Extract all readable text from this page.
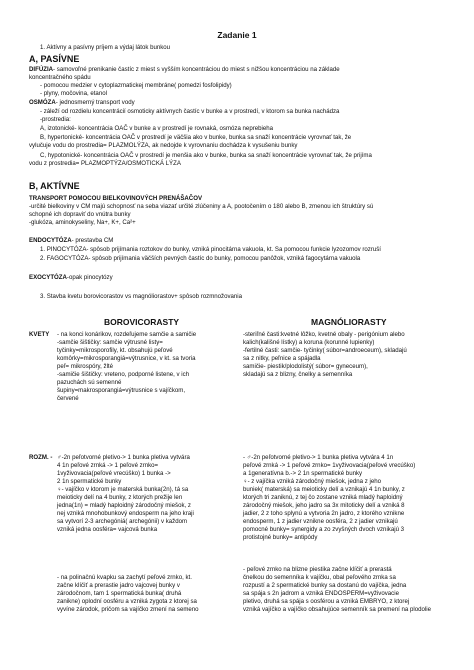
Zadanie 1
1. Aktívny a pasívny príjem a výdaj látok bunkou
A, PASÍVNE
DIFÚZIA- samovoľné prenikanie častíc z miest s vyšším koncentráciou do miest s nižšou koncentráciou na základe
koncentračného spádu
- pomocou medzier v cytoplazmatickej membráne( pomedzi fosfolipidy)
- plyny, močovina, etanol
OSMÓZA- jednosmerný transport vody
- záleží od rozdielu koncentrácií osmoticky aktívnych častíc v bunke a v prostredí, v ktorom sa bunka nachádza
-prostredia:
A, izotonické- koncentrácia OAČ v bunke a v prostredí je rovnaká, osmóza neprebieha
B, hypertonické- koncentrácia OAČ v prostredí je väčšia ako v bunke, bunka sa snaží koncentrácie vyrovnať tak, že
vylučuje vodu do prostredia= PLAZMOLÝZA, ak nedojde k vyrovnaniu dochádza k vysušeniu bunky
C, hypotonické- koncentrácia OAČ v prostredí je menšia ako v bunke, bunka sa snaží koncentrácie vyrovnať tak, že prijíma
vodu z prostredia= PLAZMOPTÝZA/OSMOTICKÁ LÝZA
B, AKTÍVNE
TRANSPORT POMOCOU BIELKOVINOVÝCH PRENÁŠAČOV
-určité bielkoviny v CM majú schopnosť na seba viazať určité zlúčeniny a A, pootočením o 180 alebo B, zmenou ich štruktúry sú
schopné ich dopraviť do vnútra bunky
-glukóza, aminokyseliny, Na+, K+, Ca²+
ENDOCYTÓZA- prestavba CM
1. PINOCYTÓZA- spôsob prijímania roztokov do bunky, vzniká pinocitárna vakuola, kt. Sa pomocou funkcie lyzozomov rozruší
2. FAGOCYTÓZA- spôsob prijímania väčších pevných častíc do bunky, pomocou panôžok, vzniká fagocytárna vakuola
EXOCYTÓZA-opak pinocytózy
3. Stavba kvetu borovicorastov vs magnóliorastov+ spôsob rozmnožovania
BOROVICORASTY	MAGNÓLIORASTY
KVETY - na konci konárikov, rozdeľujeme samčie a samičie
-samčie šištičky: samčie výtrusné listy=
tyčinky=mikrosporofily, kt. obsahujú peľové
komôrky=mikrosporangiá=výtrusnice, v kt. sa tvoria
peľ= mikrospóry, žlté
-samičie šištičky: vreteno, podporné listene, v ich
pazuchách sú semenné
šupiny=makrosporangiá=výtrusnice s vajíčkom,
červené
-steriľné časti:kvetné lôžko, kvetné obaly - perigónium alebo
kalich(kališné lístky) a koruna (korunné lupienky)
-fertilné časti: samčie- tyčinky( súbor=androeceum), skladajú
sa z nitky, peľnice a spájadla
samičie- piestik/plodolistý( súbor= gyneceum),
skladajú sa z blizny, čnelky a semenníka
ROZM. - ♂-2n peľotvorné pletivo-> 1 bunka pletiva vytvára
4 1n peľové zrnká -> 1 peľové zrnko=
1vyživovacia(peľové vrecúško) 1 bunka ->
2 1n spermatické bunky
♀- vajíčko v ktorom je materská bunka(2n), tá sa
meioticky delí na 4 bunky, z ktorých prežije len
jedna(1n) = mladý haploidný zárodočný miešok, z
nej vzniká mnohobunkový endosperm na jeho kraji
sa vytvorí 2-3 archegóniá( archegónii) v každom
vzniká jedna oosféra= vajcová bunka
- ♂-2n peľotvorné pletivo-> 1 bunka pletiva vytvára 4 1n
peľové zrnká -> 1 peľové zrnko= 1vyživovacia(peľové vrecúško)
a 1generatívna b.-> 2 1n spermatické bunky
♀- z vajíčka vzniká zárodočný miešok, jedna z jeho
buniek( materská) sa meioticky delí a vznikajú 4 1n bunky, z
ktorých tri zaniknú, z tej čo zostane vzniká mladý haploidný
zárodočný miešok, jeho jadro sa 3x mitoticky delí a vzniká 8
jadier, 2 z toho splynú a vytvoria 2n jadro, z ktorého vznikne
endosperm, 1 z jadier vznikne oosféra, 2 z jadier vznikajú
pomocné bunky= synergidy a zo zvyšných dvoch vznikajú 3
protistojné bunky= antipódy
- na polinačnú kvapku sa zachytí peľové zrnko, kt.
začne klíčiť a prerastie jadro vajcovej bunky v
zárodočnom, tam 1 spermatická bunka( druhá
zanikne) oplodní oosféru a vzniká zygota z ktorej sa
vyvíne zárodok, pričom sa vajíčko zmení na semeno
- peľové zrnko na blizne piestika začne klíčiť a prerastá
čnelkou do semenníka k vajíčku, obal peľového zrnka sa
rozpustí a 2 spermatické bunky sa dostanú do vajíčka, jedna
sa spája s 2n jadrom a vzniká ENDOSPERM=vyživovacie
pletivo, druhá sa spája s oosférou a vzniká EMBRYO, z ktorej
vzniká vajíčko a vajíčko obsahujúce semenník sa premení na plodolie
